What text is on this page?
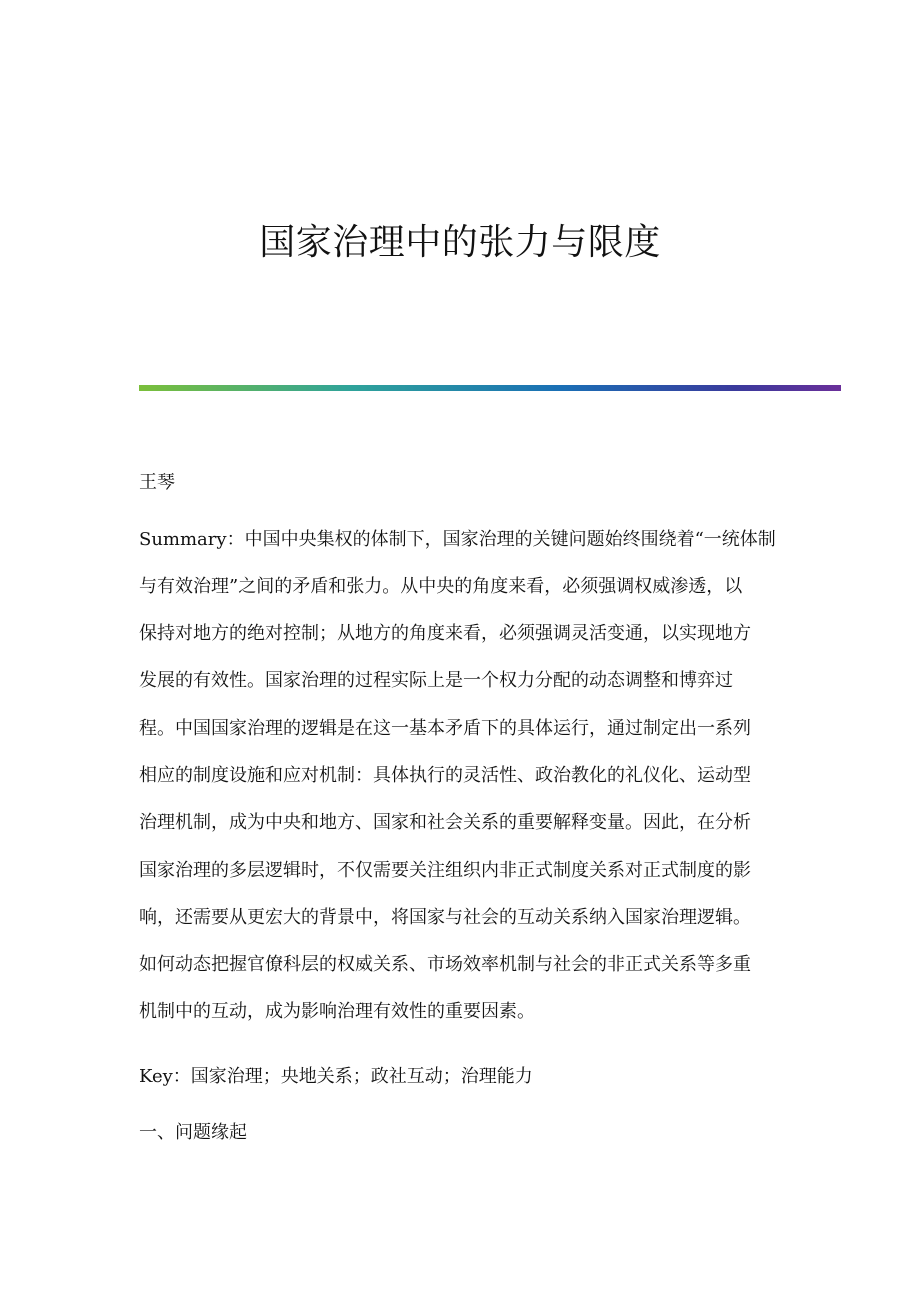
国家治理中的张力与限度
王琴
Summary：中国中央集权的体制下，国家治理的关键问题始终围绕着“一统体制
与有效治理”之间的矛盾和张力。从中央的角度来看，必须强调权威渗透，以
保持对地方的绝对控制；从地方的角度来看，必须强调灵活变通，以实现地方
发展的有效性。国家治理的过程实际上是一个权力分配的动态调整和博弈过
程。中国国家治理的逻辑是在这一基本矛盾下的具体运行，通过制定出一系列
相应的制度设施和应对机制：具体执行的灵活性、政治教化的礼仪化、运动型
治理机制，成为中央和地方、国家和社会关系的重要解释变量。因此，在分析
国家治理的多层逻辑时，不仅需要关注组织内非正式制度关系对正式制度的影
响，还需要从更宏大的背景中，将国家与社会的互动关系纳入国家治理逻辑。
如何动态把握官僚科层的权威关系、市场效率机制与社会的非正式关系等多重
机制中的互动，成为影响治理有效性的重要因素。
Key：国家治理；央地关系；政社互动；治理能力
一、问题缘起
